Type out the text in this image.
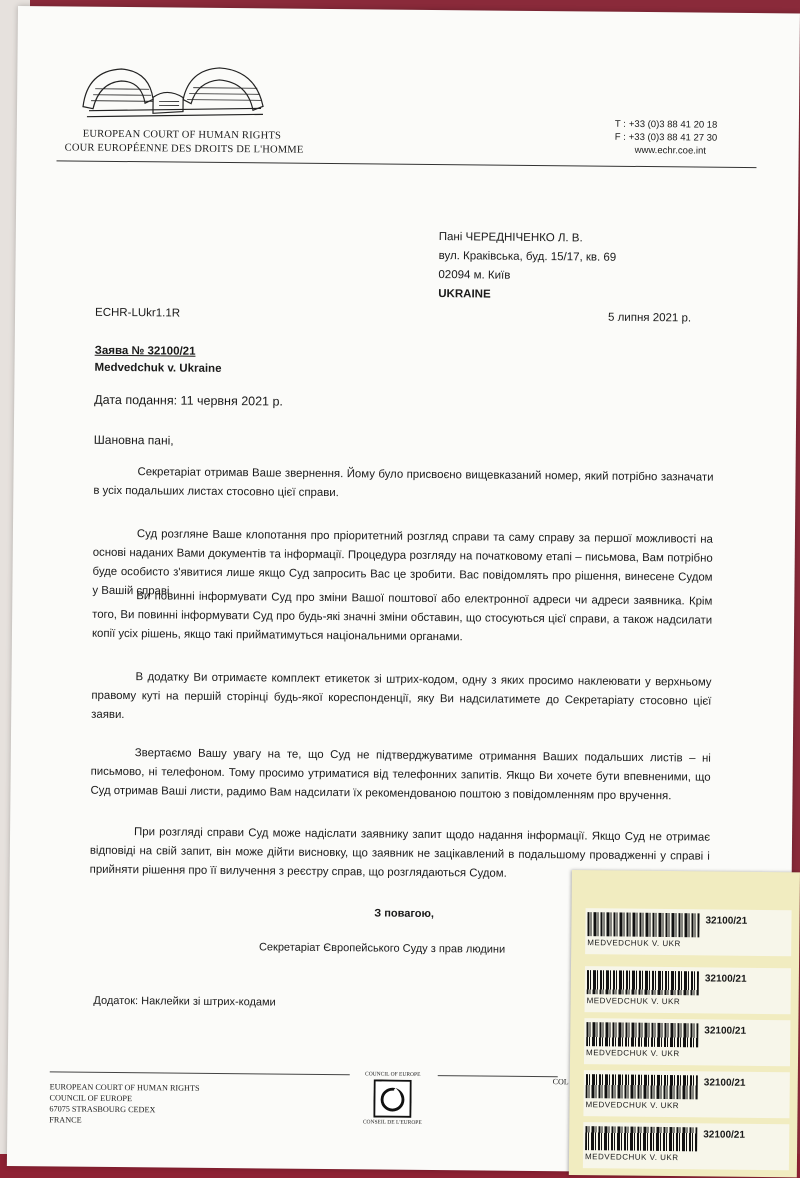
EUROPEAN COURT OF HUMAN RIGHTS
COUR EUROPÉENNE DES DROITS DE L'HOMME
T : +33 (0)3 88 41 20 18
F : +33 (0)3 88 41 27 30
www.echr.coe.int
Пані ЧЕРЕДНІЧЕНКО Л. В.
вул. Кракiвська, буд. 15/17, кв. 69
02094 м. Київ
UKRAINE
ECHR-LUkr1.1R	5 липня 2021 р.
Заява № 32100/21
Medvedchuk v. Ukraine
Дата подання: 11 червня 2021 р.
Шановна пані,
Секретаріат отримав Ваше звернення. Йому було присвоєно вищевказаний номер, який потрібно зазначати в усіх подальших листах стосовно цієї справи.
Суд розгляне Ваше клопотання про пріоритетний розгляд справи та саму справу за першої можливості на основі наданих Вами документів та інформації. Процедура розгляду на початковому етапі – письмова, Вам потрібно буде особисто з'явитися лише якщо Суд запросить Вас це зробити. Вас повідомлять про рішення, винесене Судом у Вашій справі.
Ви повинні інформувати Суд про зміни Вашої поштової або електронної адреси чи адреси заявника. Крім того, Ви повинні інформувати Суд про будь-які значні зміни обставин, що стосуються цієї справи, а також надсилати копії усіх рішень, якщо такі прийматимуться національними органами.
В додатку Ви отримаєте комплект етикеток зі штрих-кодом, одну з яких просимо наклеювати у верхньому правому куті на першій сторінці будь-якої кореспонденції, яку Ви надсилатимете до Секретаріату стосовно цієї заяви.
Звертаємо Вашу увагу на те, що Суд не підтверджуватиме отримання Ваших подальших листів – ні письмово, ні телефоном. Тому просимо утриматися від телефонних запитів. Якщо Ви хочете бути впевненими, що Суд отримав Ваші листи, радимо Вам надсилати їх рекомендованою поштою з повідомленням про вручення.
При розгляді справи Суд може надіслати заявнику запит щодо надання інформації. Якщо Суд не отримає відповіді на свій запит, він може дійти висновку, що заявник не зацікавлений в подальшому провадженні у справі і прийняти рішення про її вилучення з реєстру справ, що розглядаються Судом.
З повагою,
Секретаріат Європейського Суду з прав людини
Додаток: Наклейки зі штрих-кодами
EUROPEAN COURT OF HUMAN RIGHTS
COUNCIL OF EUROPE
67075 STRASBOURG CEDEX
FRANCE
COUNCIL OF EUROPE
CONSEIL DE L'EUROPE
COL
32100/21
MEDVEDCHUK V. UKR
32100/21
MEDVEDCHUK V. UKR
32100/21
MEDVEDCHUK V. UKR
32100/21
MEDVEDCHUK V. UKR
32100/21
MEDVEDCHUK V. UKR
